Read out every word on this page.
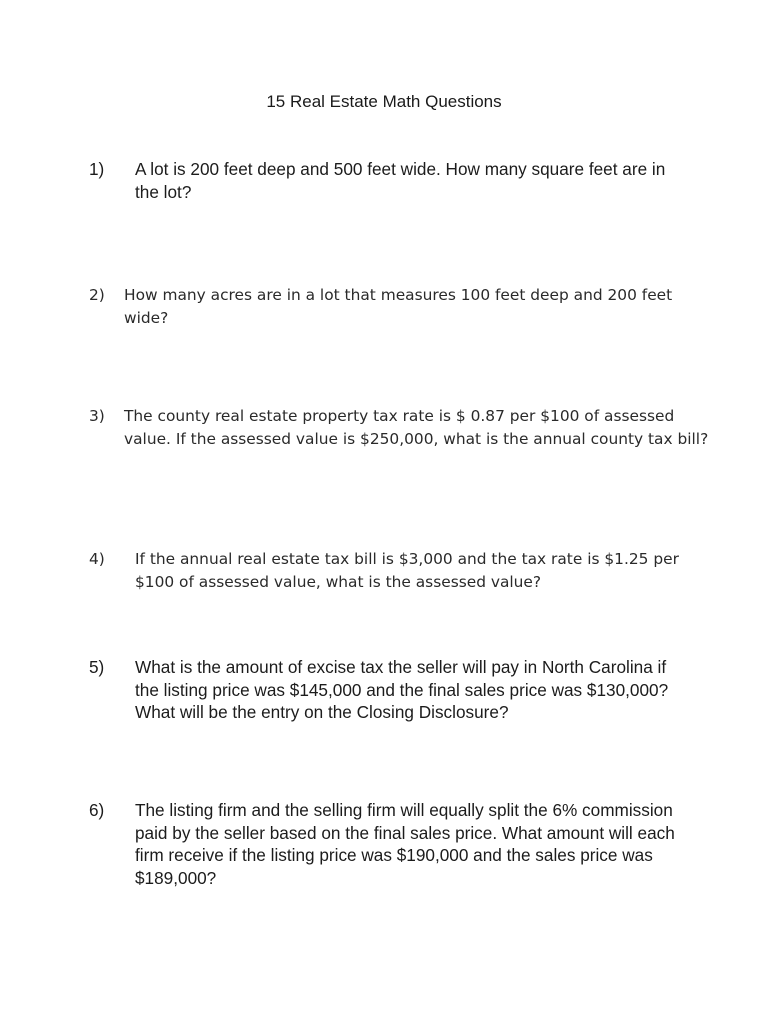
15 Real Estate Math Questions
1) A lot is 200 feet deep and 500 feet wide. How many square feet are in the lot?
2) How many acres are in a lot that measures 100 feet deep and 200 feet wide?
3) The county real estate property tax rate is $ 0.87 per $100 of assessed value. If the assessed value is $250,000, what is the annual county tax bill?
4) If the annual real estate tax bill is $3,000 and the tax rate is $1.25 per $100 of assessed value, what is the assessed value?
5) What is the amount of excise tax the seller will pay in North Carolina if the listing price was $145,000 and the final sales price was $130,000? What will be the entry on the Closing Disclosure?
6) The listing firm and the selling firm will equally split the 6% commission paid by the seller based on the final sales price. What amount will each firm receive if the listing price was $190,000 and the sales price was $189,000?
